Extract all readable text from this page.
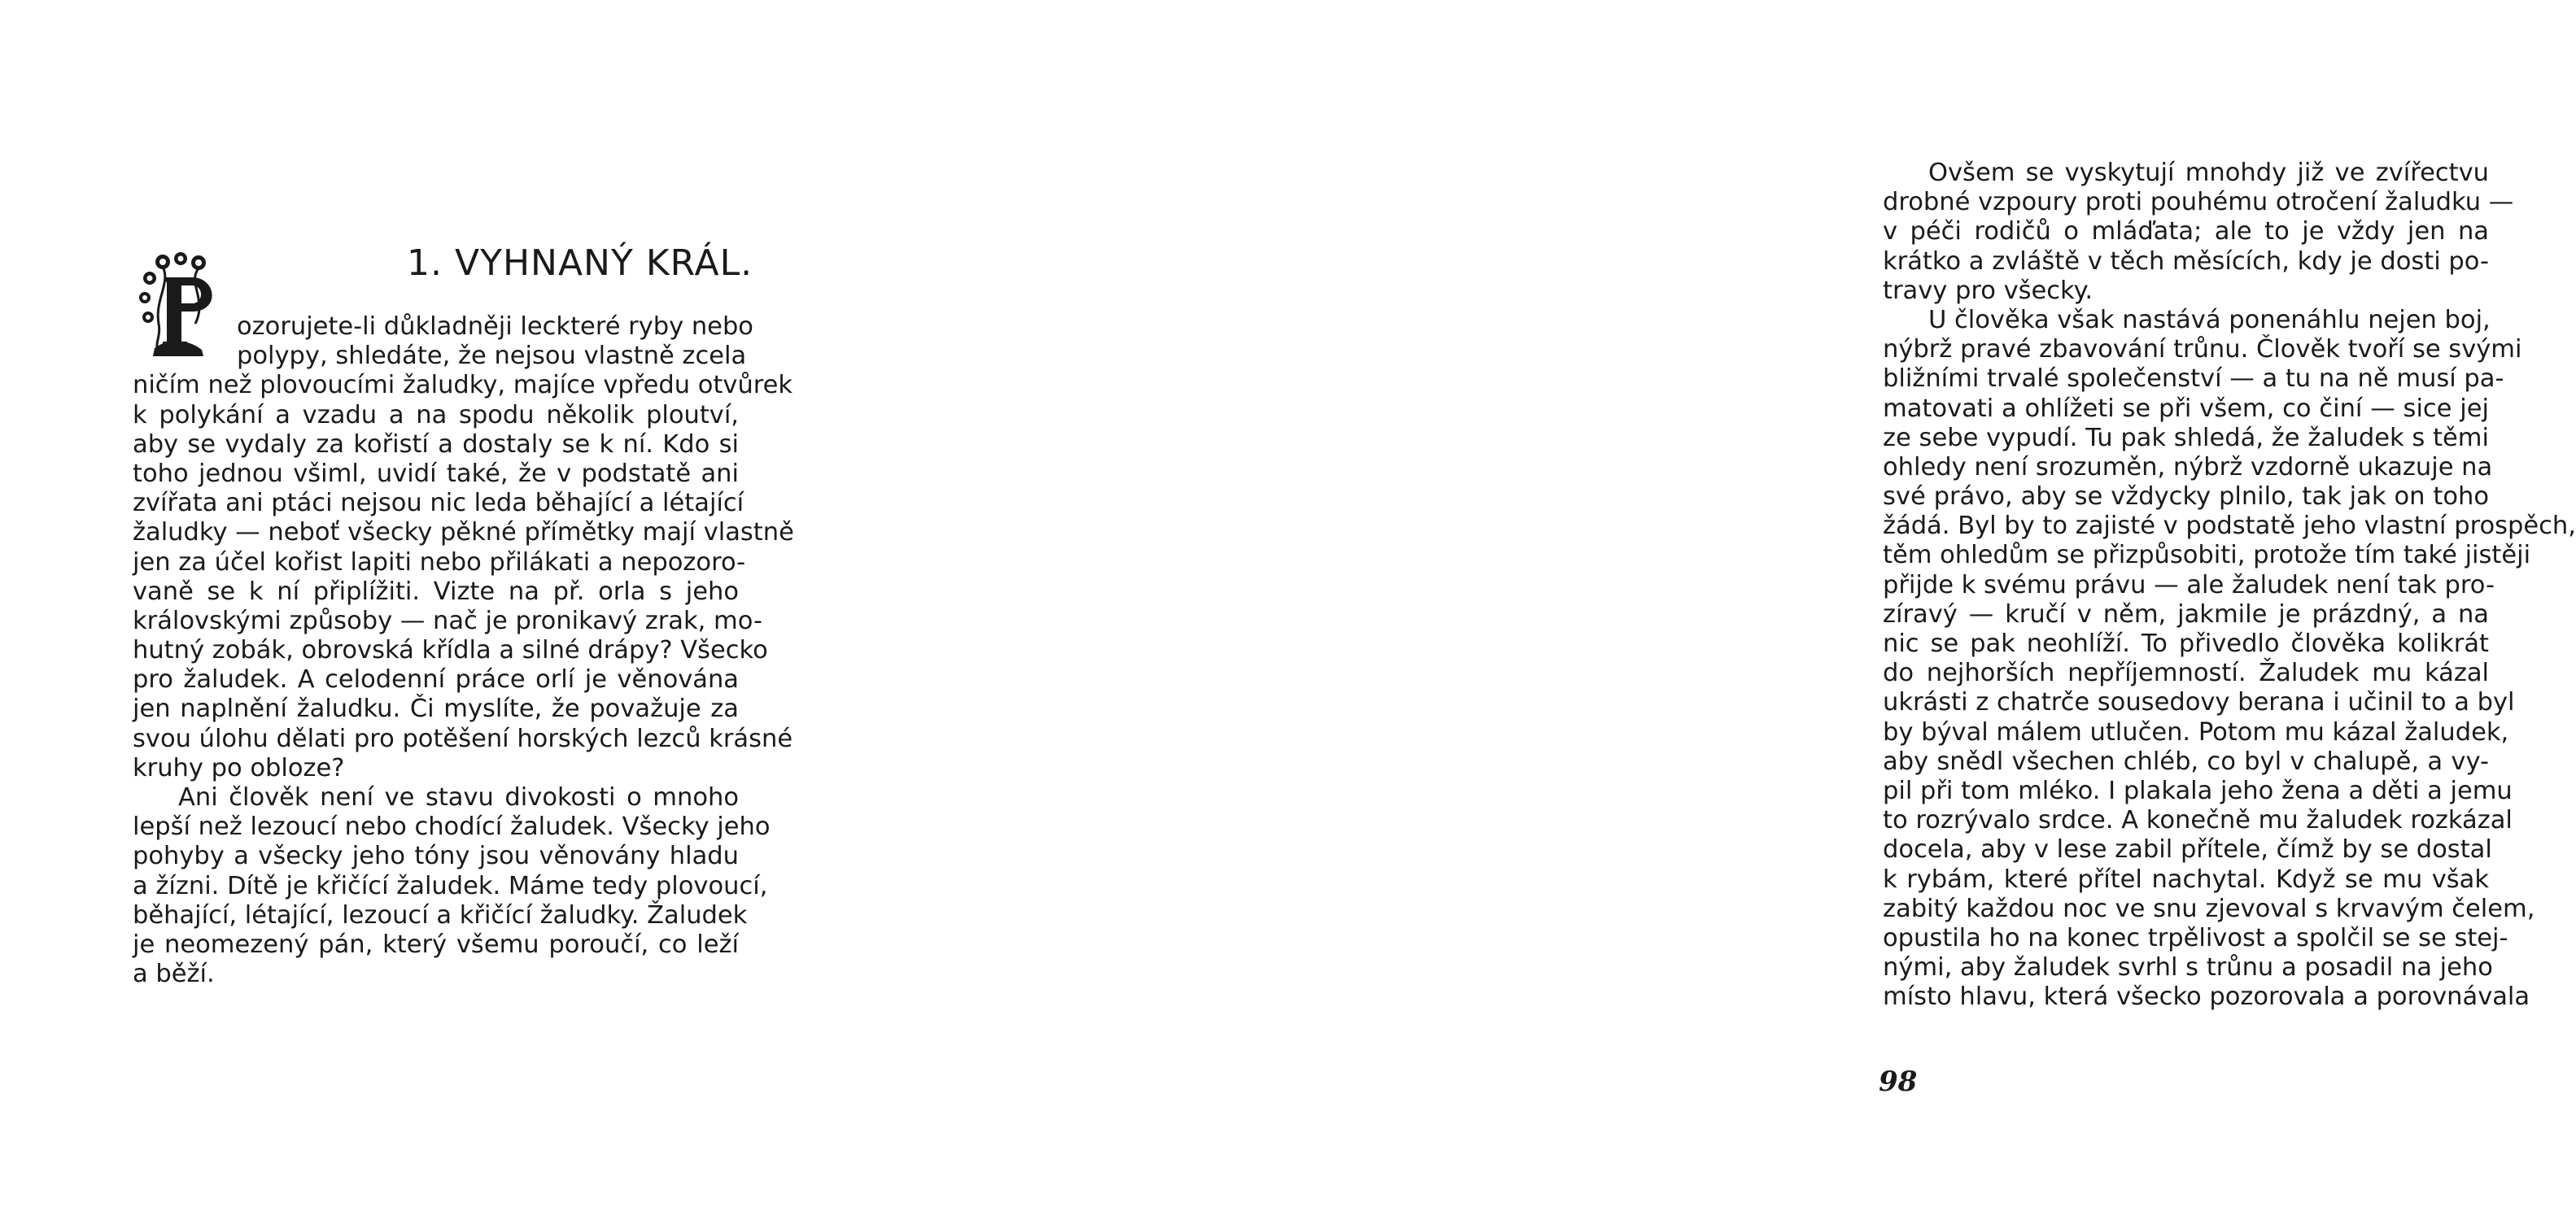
1. VYHNANÝ KRÁL.
ozorujete-li důkladněji leckteré ryby nebo
polypy, shledáte, že nejsou vlastně zcela
ničím než plovoucími žaludky, majíce vpředu otvůrek
k polykání a vzadu a na spodu několik ploutví,
aby se vydaly za kořistí a dostaly se k ní. Kdo si
toho jednou všiml, uvidí také, že v podstatě ani
zvířata ani ptáci nejsou nic leda běhající a létající
žaludky — neboť všecky pěkné přímětky mají vlastně
jen za účel kořist lapiti nebo přilákati a nepozoro-
vaně se k ní připlížiti. Vizte na př. orla s jeho
královskými způsoby — nač je pronikavý zrak, mo-
hutný zobák, obrovská křídla a silné drápy? Všecko
pro žaludek. A celodenní práce orlí je věnována
jen naplnění žaludku. Či myslíte, že považuje za
svou úlohu dělati pro potěšení horských lezců krásné
kruhy po obloze?
Ani člověk není ve stavu divokosti o mnoho
lepší než lezoucí nebo chodící žaludek. Všecky jeho
pohyby a všecky jeho tóny jsou věnovány hladu
a žízni. Dítě je křičící žaludek. Máme tedy plovoucí,
běhající, létající, lezoucí a křičící žaludky. Žaludek
je neomezený pán, který všemu poroučí, co leží
a běží.
Ovšem se vyskytují mnohdy již ve zvířectvu
drobné vzpoury proti pouhému otročení žaludku —
v péči rodičů o mláďata; ale to je vždy jen na
krátko a zvláště v těch měsících, kdy je dosti po-
travy pro všecky.
U člověka však nastává ponenáhlu nejen boj,
nýbrž pravé zbavování trůnu. Člověk tvoří se svými
bližními trvalé společenství — a tu na ně musí pa-
matovati a ohlížeti se při všem, co činí — sice jej
ze sebe vypudí. Tu pak shledá, že žaludek s těmi
ohledy není srozuměn, nýbrž vzdorně ukazuje na
své právo, aby se vždycky plnilo, tak jak on toho
žádá. Byl by to zajisté v podstatě jeho vlastní prospěch,
těm ohledům se přizpůsobiti, protože tím také jistěji
přijde k svému právu — ale žaludek není tak pro-
zíravý — kručí v něm, jakmile je prázdný, a na
nic se pak neohlíží. To přivedlo člověka kolikrát
do nejhorších nepříjemností. Žaludek mu kázal
ukrásti z chatrče sousedovy berana i učinil to a byl
by býval málem utlučen. Potom mu kázal žaludek,
aby snědl všechen chléb, co byl v chalupě, a vy-
pil při tom mléko. I plakala jeho žena a děti a jemu
to rozrývalo srdce. A konečně mu žaludek rozkázal
docela, aby v lese zabil přítele, čímž by se dostal
k rybám, které přítel nachytal. Když se mu však
zabitý každou noc ve snu zjevoval s krvavým čelem,
opustila ho na konec trpělivost a spolčil se se stej-
nými, aby žaludek svrhl s trůnu a posadil na jeho
místo hlavu, která všecko pozorovala a porovnávala
98
